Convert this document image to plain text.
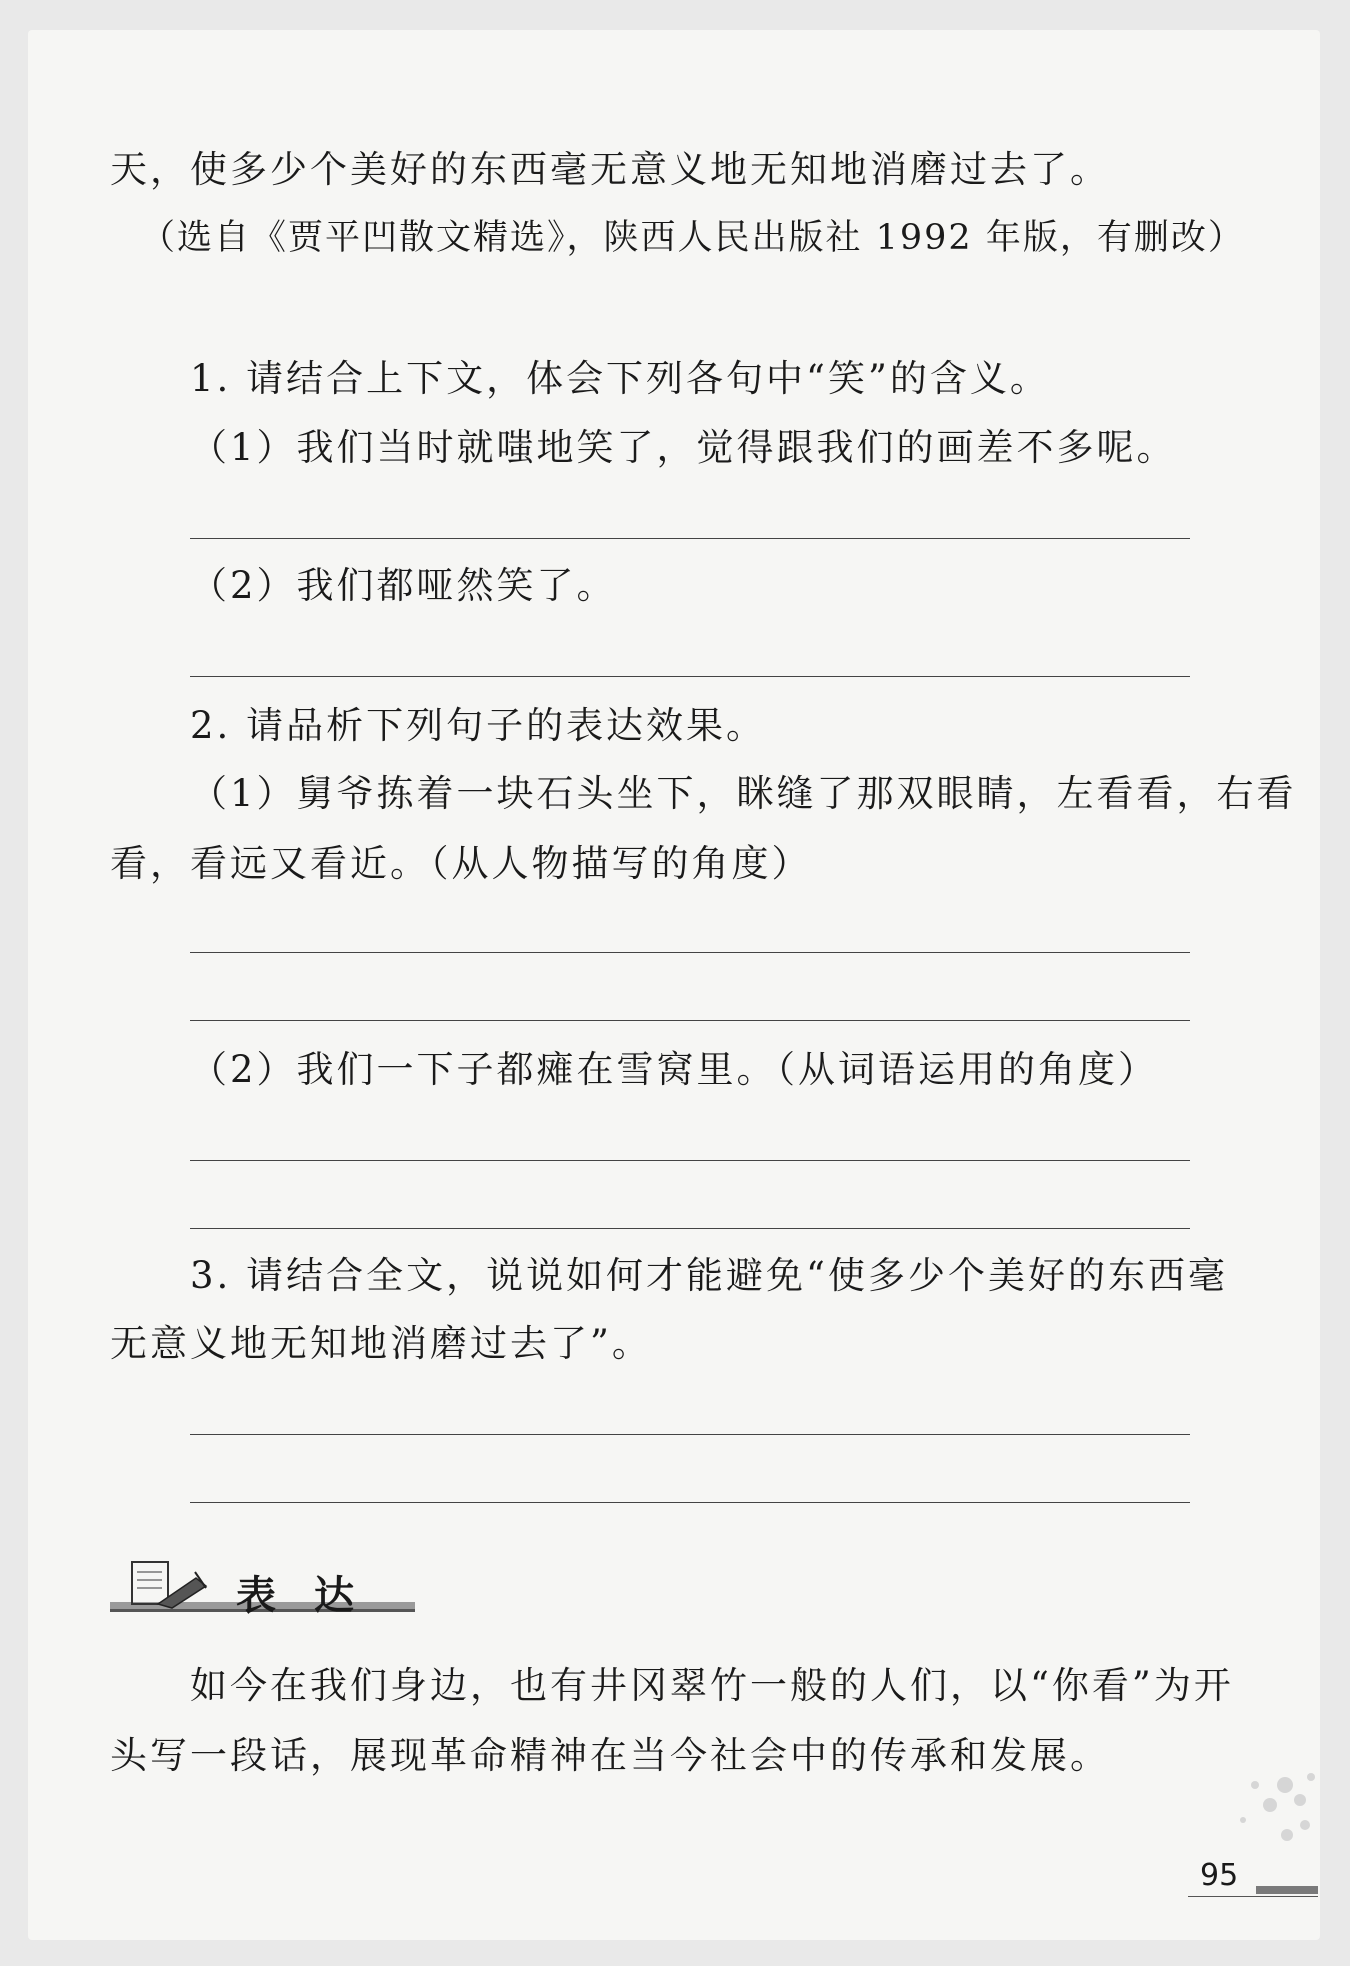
天，使多少个美好的东西毫无意义地无知地消磨过去了。

（选自《贾平凹散文精选》，陕西人民出版社 1992 年版，有删改）

1. 请结合上下文，体会下列各句中“笑”的含义。

（1）我们当时就嗤地笑了，觉得跟我们的画差不多呢。

（2）我们都哑然笑了。

2. 请品析下列句子的表达效果。

（1）舅爷拣着一块石头坐下，眯缝了那双眼睛，左看看，右看

看，看远又看近。（从人物描写的角度）

（2）我们一下子都瘫在雪窝里。（从词语运用的角度）

3. 请结合全文，说说如何才能避免“使多少个美好的东西毫

无意义地无知地消磨过去了”。

表达

如今在我们身边，也有井冈翠竹一般的人们，以“你看”为开

头写一段话，展现革命精神在当今社会中的传承和发展。

95
